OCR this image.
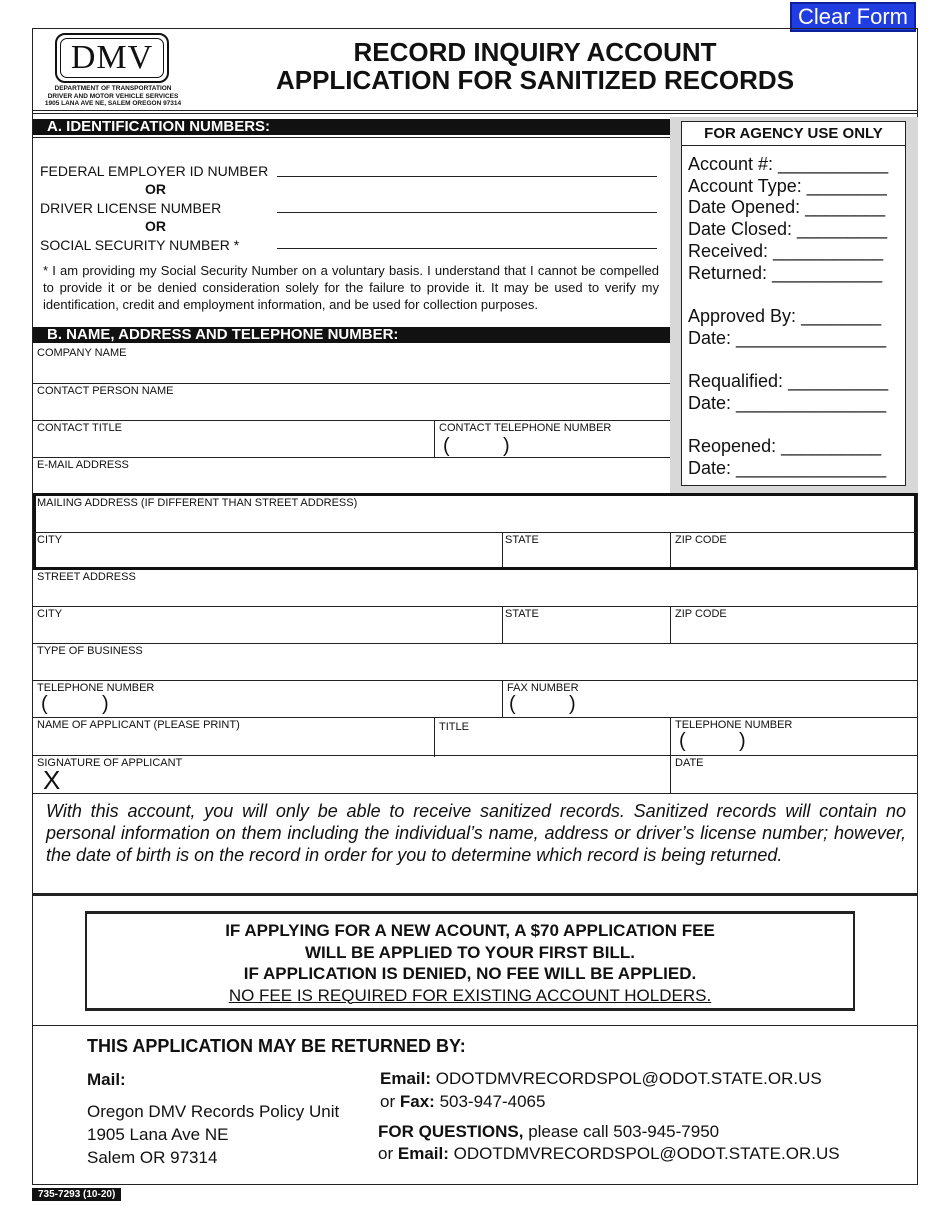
Clear Form
DMV
DEPARTMENT OF TRANSPORTATION
DRIVER AND MOTOR VEHICLE SERVICES
1905 LANA AVE NE, SALEM OREGON 97314
RECORD INQUIRY ACCOUNT
APPLICATION FOR SANITIZED RECORDS
A. IDENTIFICATION NUMBERS:
FEDERAL EMPLOYER ID NUMBER
OR
DRIVER LICENSE NUMBER
OR
SOCIAL SECURITY NUMBER *
* I am providing my Social Security Number on a voluntary basis. I understand that I cannot be compelled to provide it or be denied consideration solely for the failure to provide it. It may be used to verify my identification, credit and employment information, and be used for collection purposes.
B. NAME, ADDRESS AND TELEPHONE NUMBER:
FOR AGENCY USE ONLY
Account #: ___________
Account Type: ________
Date Opened: ________
Date Closed: _________
Received: ___________
Returned: ___________
Approved By: ________
Date: _______________
Requalified: __________
Date: _______________
Reopened: __________
Date: _______________
COMPANY NAME
CONTACT PERSON NAME
CONTACT TITLE	CONTACT TELEPHONE NUMBER
(	)
E-MAIL ADDRESS
MAILING ADDRESS (IF DIFFERENT THAN STREET ADDRESS)
CITY	STATE	ZIP CODE
STREET ADDRESS
CITY	STATE	ZIP CODE
TYPE OF BUSINESS
TELEPHONE NUMBER
(	)
FAX NUMBER
(	)
NAME OF APPLICANT (PLEASE PRINT)	TITLE	TELEPHONE NUMBER
(	)
SIGNATURE OF APPLICANT
X
DATE
With this account, you will only be able to receive sanitized records. Sanitized records will contain no personal information on them including the individual’s name, address or driver’s license number; however, the date of birth is on the record in order for you to determine which record is being returned.
IF APPLYING FOR A NEW ACOUNT, A $70 APPLICATION FEE
WILL BE APPLIED TO YOUR FIRST BILL.
IF APPLICATION IS DENIED, NO FEE WILL BE APPLIED.
NO FEE IS REQUIRED FOR EXISTING ACCOUNT HOLDERS.
THIS APPLICATION MAY BE RETURNED BY:
Mail:
Oregon DMV Records Policy Unit
1905 Lana Ave NE
Salem OR 97314
Email: ODOTDMVRECORDSPOL@ODOT.STATE.OR.US
or Fax: 503-947-4065
FOR QUESTIONS, please call 503-945-7950
or Email: ODOTDMVRECORDSPOL@ODOT.STATE.OR.US
735-7293 (10-20)
